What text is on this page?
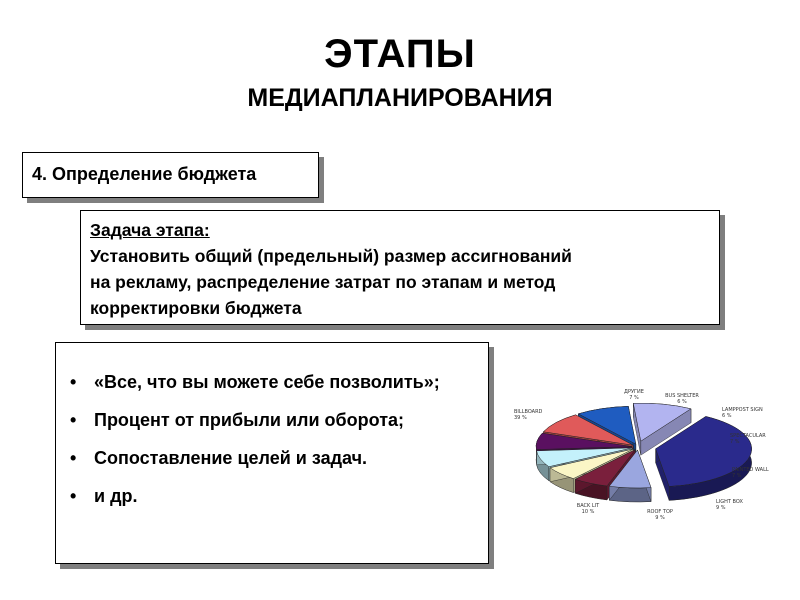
ЭТАПЫ
МЕДИАПЛАНИРОВАНИЯ
4. Определение бюджета
Задача этапа:
Установить общий (предельный) размер ассигнований
на рекламу, распределение затрат по этапам и метод
корректировки бюджета
• «Все, что вы можете себе позволить»;
• Процент от прибыли или оборота;
• Сопоставление целей и задач.
• и др.
BILLBOARD
39 %
ДРУГИЕ
7 %	BUS SHELTER
6 %
LAMPPOST SIGN
6 %
SPECTACULAR
7 %
PAINTED WALL
7 %
LIGHT BOX
9 %
ROOF TOP
9 %
BACK LIT
10 %
